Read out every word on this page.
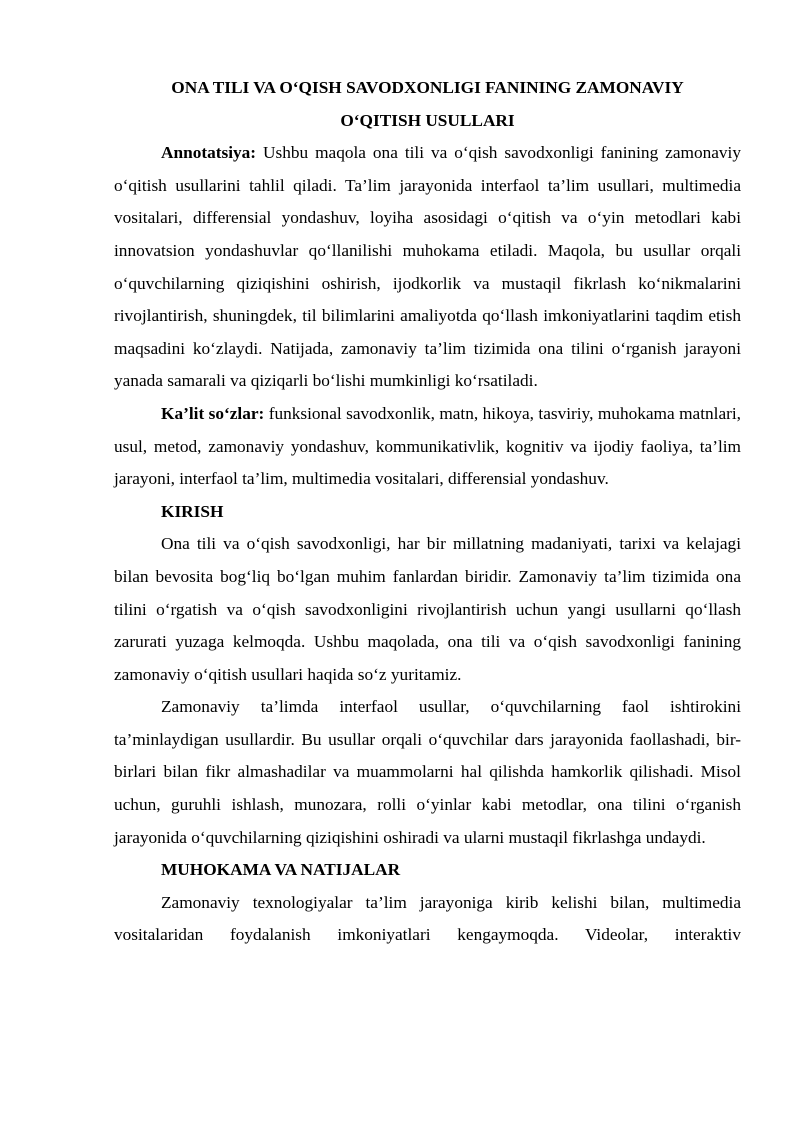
ONA TILI VA O‘QISH SAVODXONLIGI FANINING ZAMONAVIY
O‘QITISH USULLARI

Annotatsiya: Ushbu maqola ona tili va o‘qish savodxonligi fanining zamonaviy o‘qitish usullarini tahlil qiladi. Ta’lim jarayonida interfaol ta’lim usullari, multimedia vositalari, differensial yondashuv, loyiha asosidagi o‘qitish va o‘yin metodlari kabi innovatsion yondashuvlar qo‘llanilishi muhokama etiladi. Maqola, bu usullar orqali o‘quvchilarning qiziqishini oshirish, ijodkorlik va mustaqil fikrlash ko‘nikmalarini rivojlantirish, shuningdek, til bilimlarini amaliyotda qo‘llash imkoniyatlarini taqdim etish maqsadini ko‘zlaydi. Natijada, zamonaviy ta’lim tizimida ona tilini o‘rganish jarayoni yanada samarali va qiziqarli bo‘lishi mumkinligi ko‘rsatiladi.

Ka’lit so‘zlar: funksional savodxonlik, matn, hikoya, tasviriy, muhokama matnlari, usul, metod, zamonaviy yondashuv, kommunikativlik, kognitiv va ijodiy faoliya, ta’lim jarayoni, interfaol ta’lim, multimedia vositalari, differensial yondashuv.

KIRISH

Ona tili va o‘qish savodxonligi, har bir millatning madaniyati, tarixi va kelajagi bilan bevosita bog‘liq bo‘lgan muhim fanlardan biridir. Zamonaviy ta’lim tizimida ona tilini o‘rgatish va o‘qish savodxonligini rivojlantirish uchun yangi usullarni qo‘llash zarurati yuzaga kelmoqda. Ushbu maqolada, ona tili va o‘qish savodxonligi fanining zamonaviy o‘qitish usullari haqida so‘z yuritamiz.

Zamonaviy ta’limda interfaol usullar, o‘quvchilarning faol ishtirokini ta’minlaydigan usullardir. Bu usullar orqali o‘quvchilar dars jarayonida faollashadi, bir-birlari bilan fikr almashadilar va muammolarni hal qilishda hamkorlik qilishadi. Misol uchun, guruhli ishlash, munozara, rolli o‘yinlar kabi metodlar, ona tilini o‘rganish jarayonida o‘quvchilarning qiziqishini oshiradi va ularni mustaqil fikrlashga undaydi.

MUHOKAMA VA NATIJALAR

Zamonaviy texnologiyalar ta’lim jarayoniga kirib kelishi bilan, multimedia vositalaridan foydalanish imkoniyatlari kengaymoqda. Videolar, interaktiv
